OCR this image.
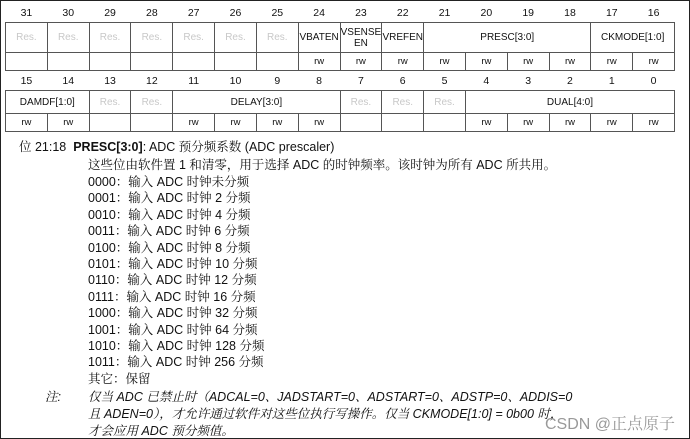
31	30	29	28	27	26	25	24	23	22	21	20	19	18	17	16
Res.	Res.	Res.	Res.	Res.	Res.	Res.	VBATEN	VSENSE EN	VREFEN	PRESC[3:0]				CKMODE[1:0]	
							rw	rw	rw	rw	rw	rw	rw	rw	rw
15	14	13	12	11	10	9	8	7	6	5	4	3	2	1	0
DAMDF[1:0]		Res.	Res.	DELAY[3:0]				Res.	Res.	Res.	DUAL[4:0]				
rw	rw			rw	rw	rw	rw				rw	rw	rw	rw	rw
位 21:18 PRESC[3:0]: ADC 预分频系数 (ADC prescaler)
这些位由软件置 1 和清零，用于选择 ADC 的时钟频率。该时钟为所有 ADC 所共用。
0000：输入 ADC 时钟未分频
0001：输入 ADC 时钟 2 分频
0010：输入 ADC 时钟 4 分频
0011：输入 ADC 时钟 6 分频
0100：输入 ADC 时钟 8 分频
0101：输入 ADC 时钟 10 分频
0110：输入 ADC 时钟 12 分频
0111：输入 ADC 时钟 16 分频
1000：输入 ADC 时钟 32 分频
1001：输入 ADC 时钟 64 分频
1010：输入 ADC 时钟 128 分频
1011：输入 ADC 时钟 256 分频
其它：保留
注: 仅当 ADC 已禁止时（ADCAL=0、JADSTART=0、ADSTART=0、ADSTP=0、ADDIS=0
且 ADEN=0），才允许通过软件对这些位执行写操作。仅当 CKMODE[1:0] = 0b00 时，
才会应用 ADC 预分频值。	CSDN @正点原子
